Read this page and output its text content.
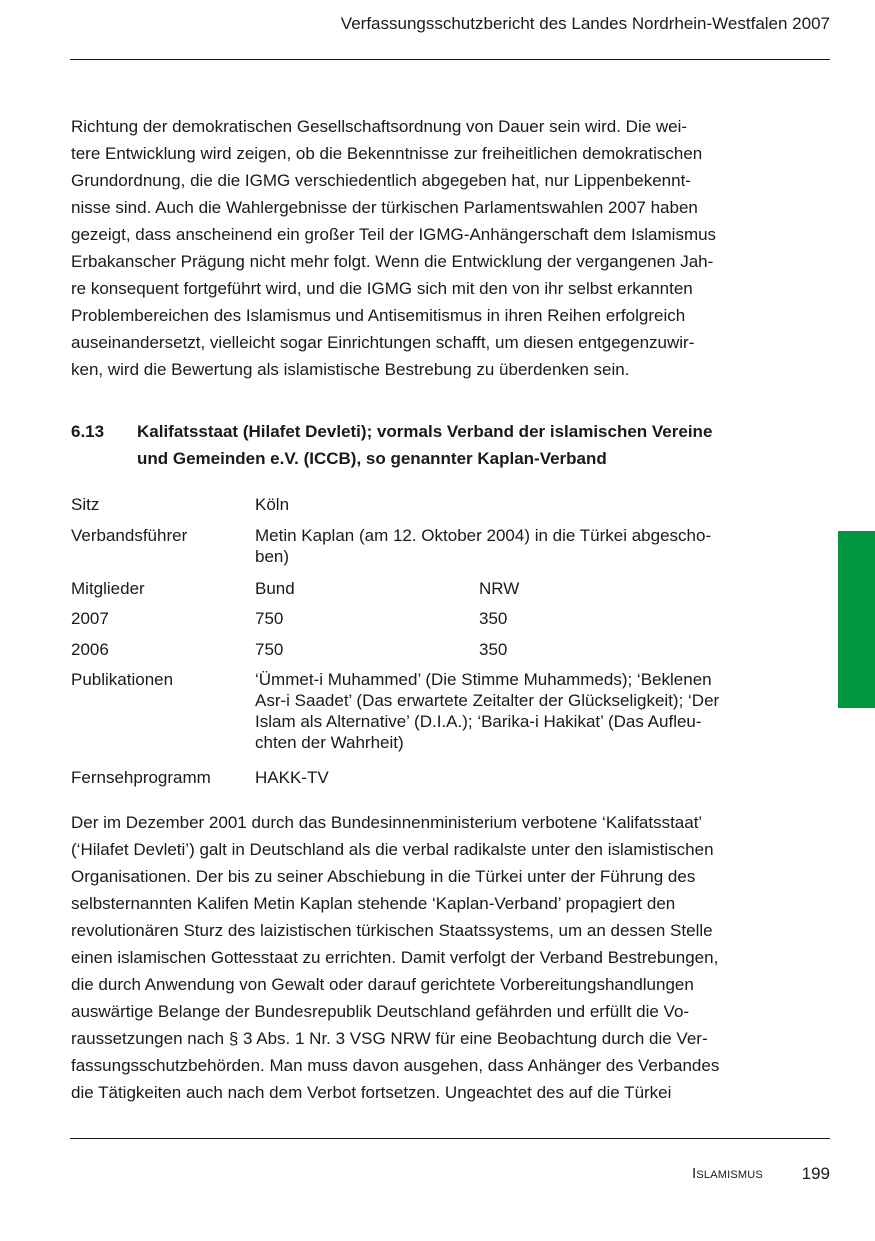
Verfassungsschutzbericht des Landes Nordrhein-Westfalen 2007
Richtung der demokratischen Gesellschaftsordnung von Dauer sein wird. Die wei-
tere Entwicklung wird zeigen, ob die Bekenntnisse zur freiheitlichen demokratischen
Grundordnung, die die IGMG verschiedentlich abgegeben hat, nur Lippenbekennt-
nisse sind. Auch die Wahlergebnisse der türkischen Parlamentswahlen 2007 haben
gezeigt, dass anscheinend ein großer Teil der IGMG-Anhängerschaft dem Islamismus
Erbakanscher Prägung nicht mehr folgt. Wenn die Entwicklung der vergangenen Jah-
re konsequent fortgeführt wird, und die IGMG sich mit den von ihr selbst erkannten
Problembereichen des Islamismus und Antisemitismus in ihren Reihen erfolgreich
auseinandersetzt, vielleicht sogar Einrichtungen schafft, um diesen entgegenzuwir-
ken, wird die Bewertung als islamistische Bestrebung zu überdenken sein.
6.13 Kalifatsstaat (Hilafet Devleti); vormals Verband der islamischen Vereine
und Gemeinden e.V. (ICCB), so genannter Kaplan-Verband
Sitz	Köln
Verbandsführer	Metin Kaplan (am 12. Oktober 2004) in die Türkei abgescho-
ben)
Mitglieder	Bund	NRW
2007	750	350
2006	750	350
Publikationen	‘Ümmet-i Muhammed’ (Die Stimme Muhammeds); ‘Beklenen
Asr-i Saadet’ (Das erwartete Zeitalter der Glückseligkeit); ‘Der
Islam als Alternative’ (D.I.A.); ‘Barika-i Hakikat’ (Das Aufleu-
chten der Wahrheit)
Fernsehprogramm	HAKK-TV
Der im Dezember 2001 durch das Bundesinnenministerium verbotene ‘Kalifatsstaat’
(‘Hilafet Devleti’) galt in Deutschland als die verbal radikalste unter den islamistischen
Organisationen. Der bis zu seiner Abschiebung in die Türkei unter der Führung des
selbsternannten Kalifen Metin Kaplan stehende ‘Kaplan-Verband’ propagiert den
revolutionären Sturz des laizistischen türkischen Staatssystems, um an dessen Stelle
einen islamischen Gottesstaat zu errichten. Damit verfolgt der Verband Bestrebungen,
die durch Anwendung von Gewalt oder darauf gerichtete Vorbereitungshandlungen
auswärtige Belange der Bundesrepublik Deutschland gefährden und erfüllt die Vo-
raussetzungen nach § 3 Abs. 1 Nr. 3 VSG NRW für eine Beobachtung durch die Ver-
fassungsschutzbehörden. Man muss davon ausgehen, dass Anhänger des Verbandes
die Tätigkeiten auch nach dem Verbot fortsetzen. Ungeachtet des auf die Türkei
Islamismus 199
